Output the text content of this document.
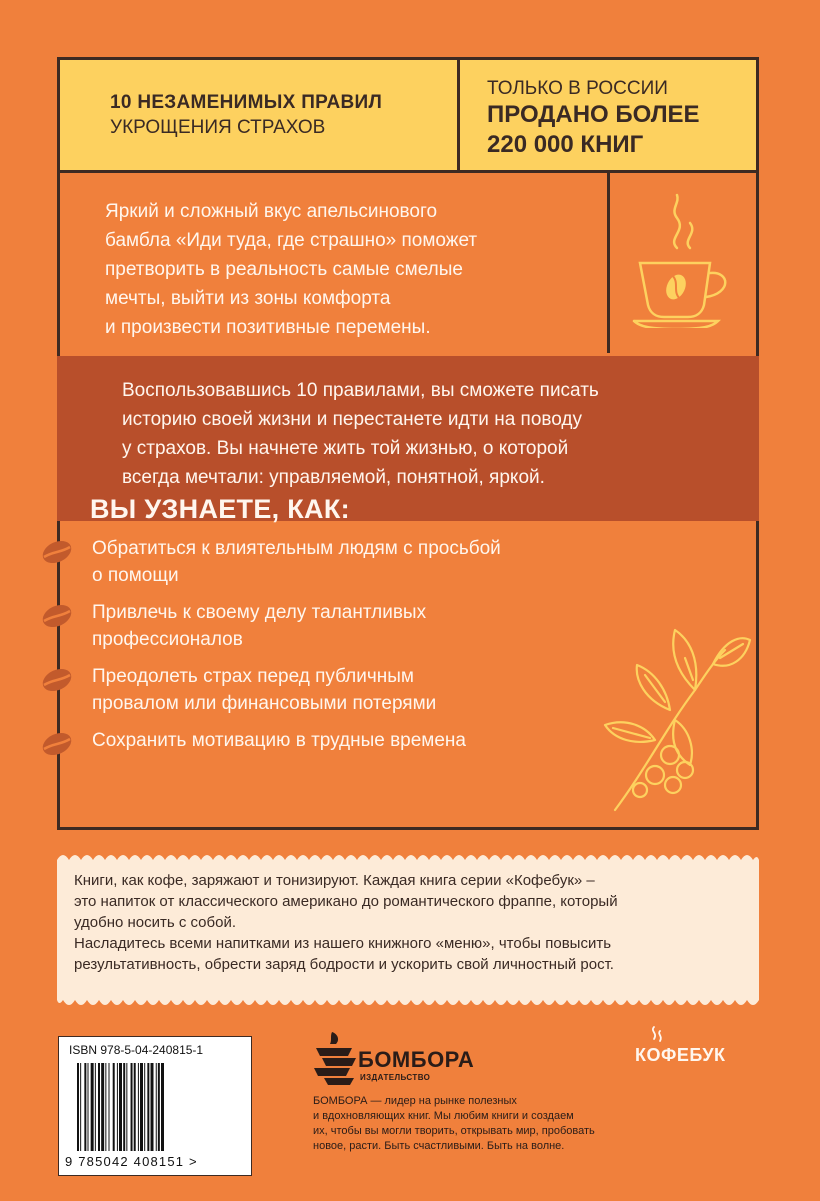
10 НЕЗАМЕНИМЫХ ПРАВИЛ
УКРОЩЕНИЯ СТРАХОВ
ТОЛЬКО В РОССИИ
ПРОДАНО БОЛЕЕ
220 000 КНИГ
Яркий и сложный вкус апельсинового
бамбла «Иди туда, где страшно» поможет
претворить в реальность самые смелые
мечты, выйти из зоны комфорта
и произвести позитивные перемены.
Воспользовавшись 10 правилами, вы сможете писать
историю своей жизни и перестанете идти на поводу
у страхов. Вы начнете жить той жизнью, о которой
всегда мечтали: управляемой, понятной, яркой.
ВЫ УЗНАЕТЕ, КАК:
Обратиться к влиятельным людям с просьбой
о помощи
Привлечь к своему делу талантливых
профессионалов
Преодолеть страх перед публичным
провалом или финансовыми потерями
Сохранить мотивацию в трудные времена
Книги, как кофе, заряжают и тонизируют. Каждая книга серии «Кофебук» –
это напиток от классического американо до романтического фраппе, который
удобно носить с собой.
Насладитесь всеми напитками из нашего книжного «меню», чтобы повысить
результативность, обрести заряд бодрости и ускорить свой личностный рост.
ISBN 978-5-04-240815-1
9 785042 408151 >
БОМБОРА
ИЗДАТЕЛЬСТВО
БОМБОРА — лидер на рынке полезных
и вдохновляющих книг. Мы любим книги и создаем
их, чтобы вы могли творить, открывать мир, пробовать
новое, расти. Быть счастливыми. Быть на волне.
КОФЕБУК
